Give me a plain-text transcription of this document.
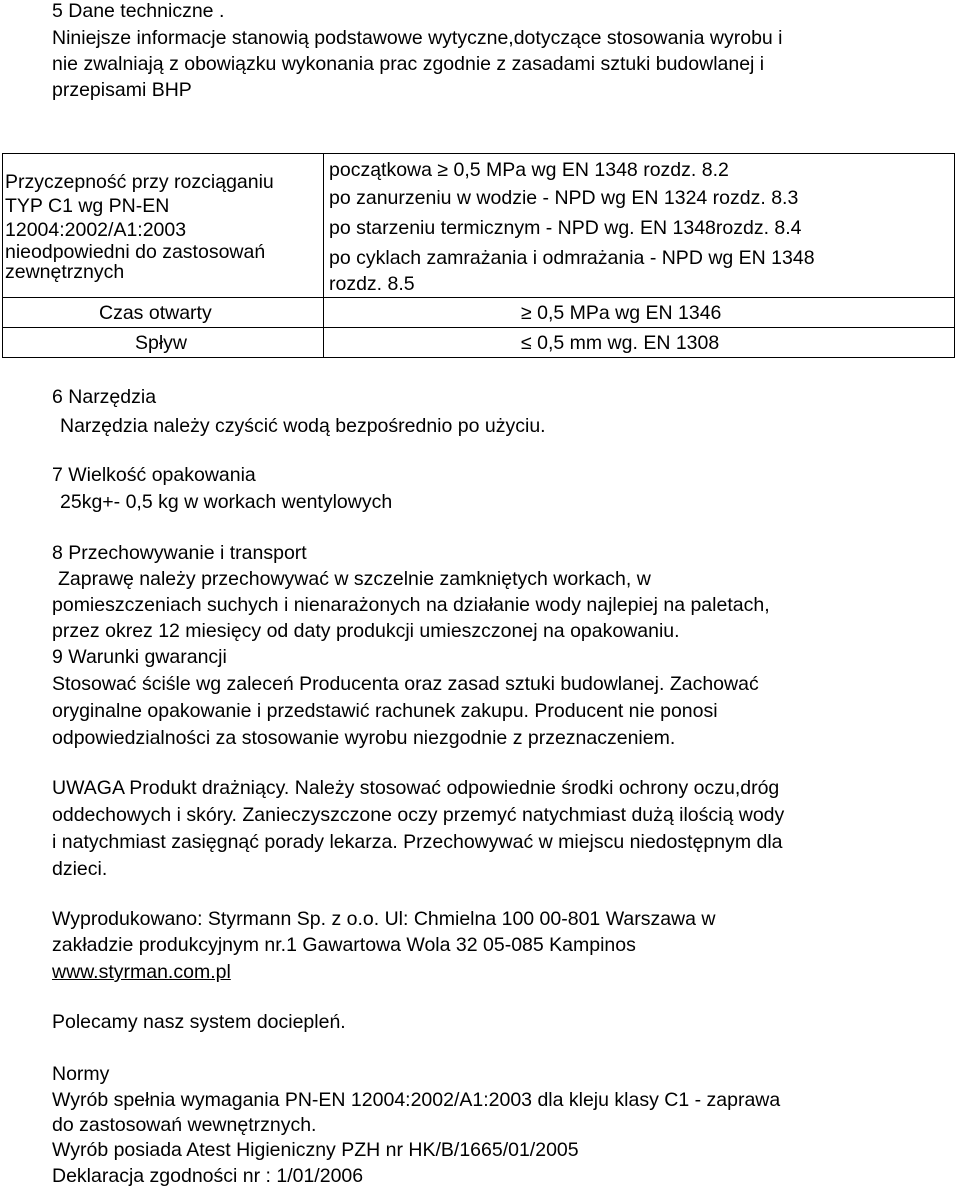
5 Dane techniczne .
Niniejsze informacje stanowią podstawowe wytyczne,dotyczące stosowania wyrobu i
nie zwalniają z obowiązku wykonania prac zgodnie z zasadami sztuki budowlanej i
przepisami BHP
Przyczepność przy rozciąganiu
TYP C1 wg PN-EN
12004:2002/A1:2003
nieodpowiedni do zastosowań
zewnętrznych
początkowa ≥ 0,5 MPa wg EN 1348 rozdz. 8.2
po zanurzeniu w wodzie - NPD wg EN 1324 rozdz. 8.3
po starzeniu termicznym - NPD wg. EN 1348rozdz. 8.4
po cyklach zamrażania i odmrażania - NPD wg EN 1348
rozdz. 8.5
Czas otwarty	≥ 0,5 MPa wg EN 1346
Spływ	≤ 0,5 mm wg. EN 1308
6 Narzędzia
Narzędzia należy czyścić wodą bezpośrednio po użyciu.
7 Wielkość opakowania
25kg+- 0,5 kg w workach wentylowych
8 Przechowywanie i transport
Zaprawę należy przechowywać w szczelnie zamkniętych workach, w
pomieszczeniach suchych i nienarażonych na działanie wody najlepiej na paletach,
przez okrez 12 miesięcy od daty produkcji umieszczonej na opakowaniu.
9 Warunki gwarancji
Stosować ściśle wg zaleceń Producenta oraz zasad sztuki budowlanej. Zachować
oryginalne opakowanie i przedstawić rachunek zakupu. Producent nie ponosi
odpowiedzialności za stosowanie wyrobu niezgodnie z przeznaczeniem.
UWAGA Produkt drażniący. Należy stosować odpowiednie środki ochrony oczu,dróg
oddechowych i skóry. Zanieczyszczone oczy przemyć natychmiast dużą ilością wody
i natychmiast zasięgnąć porady lekarza. Przechowywać w miejscu niedostępnym dla
dzieci.
Wyprodukowano: Styrmann Sp. z o.o. Ul: Chmielna 100 00-801 Warszawa w
zakładzie produkcyjnym nr.1 Gawartowa Wola 32 05-085 Kampinos
www.styrman.com.pl
Polecamy nasz system dociepleń.
Normy
Wyrób spełnia wymagania PN-EN 12004:2002/A1:2003 dla kleju klasy C1 - zaprawa
do zastosowań wewnętrznych.
Wyrób posiada Atest Higieniczny PZH nr HK/B/1665/01/2005
Deklaracja zgodności nr : 1/01/2006
